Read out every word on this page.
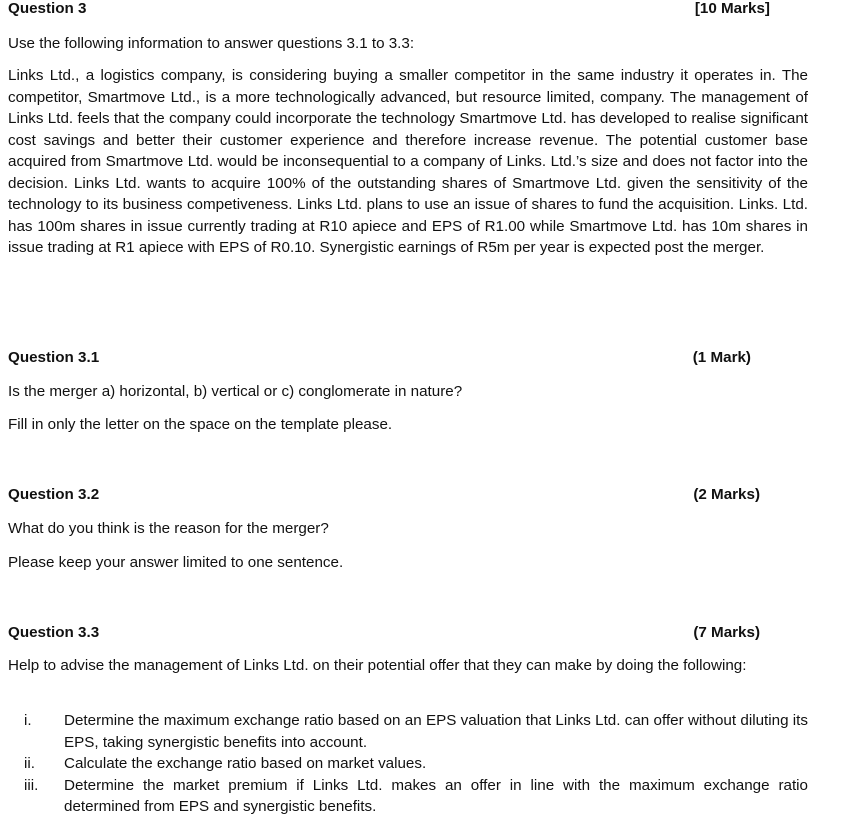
Question 3	[10 Marks]

Use the following information to answer questions 3.1 to 3.3:

Links Ltd., a logistics company, is considering buying a smaller competitor in the same industry it operates in. The competitor, Smartmove Ltd., is a more technologically advanced, but resource limited, company. The management of Links Ltd. feels that the company could incorporate the technology Smartmove Ltd. has developed to realise significant cost savings and better their customer experience and therefore increase revenue. The potential customer base acquired from Smartmove Ltd. would be inconsequential to a company of Links. Ltd.’s size and does not factor into the decision. Links Ltd. wants to acquire 100% of the outstanding shares of Smartmove Ltd. given the sensitivity of the technology to its business competiveness. Links Ltd. plans to use an issue of shares to fund the acquisition. Links. Ltd. has 100m shares in issue currently trading at R10 apiece and EPS of R1.00 while Smartmove Ltd. has 10m shares in issue trading at R1 apiece with EPS of R0.10. Synergistic earnings of R5m per year is expected post the merger.

Question 3.1	(1 Mark)

Is the merger a) horizontal, b) vertical or c) conglomerate in nature?

Fill in only the letter on the space on the template please.

Question 3.2	(2 Marks)

What do you think is the reason for the merger?

Please keep your answer limited to one sentence.

Question 3.3	(7 Marks)

Help to advise the management of Links Ltd. on their potential offer that they can make by doing the following:

i.	Determine the maximum exchange ratio based on an EPS valuation that Links Ltd. can offer without diluting its EPS, taking synergistic benefits into account.
ii.	Calculate the exchange ratio based on market values.
iii.	Determine the market premium if Links Ltd. makes an offer in line with the maximum exchange ratio determined from EPS and synergistic benefits.
